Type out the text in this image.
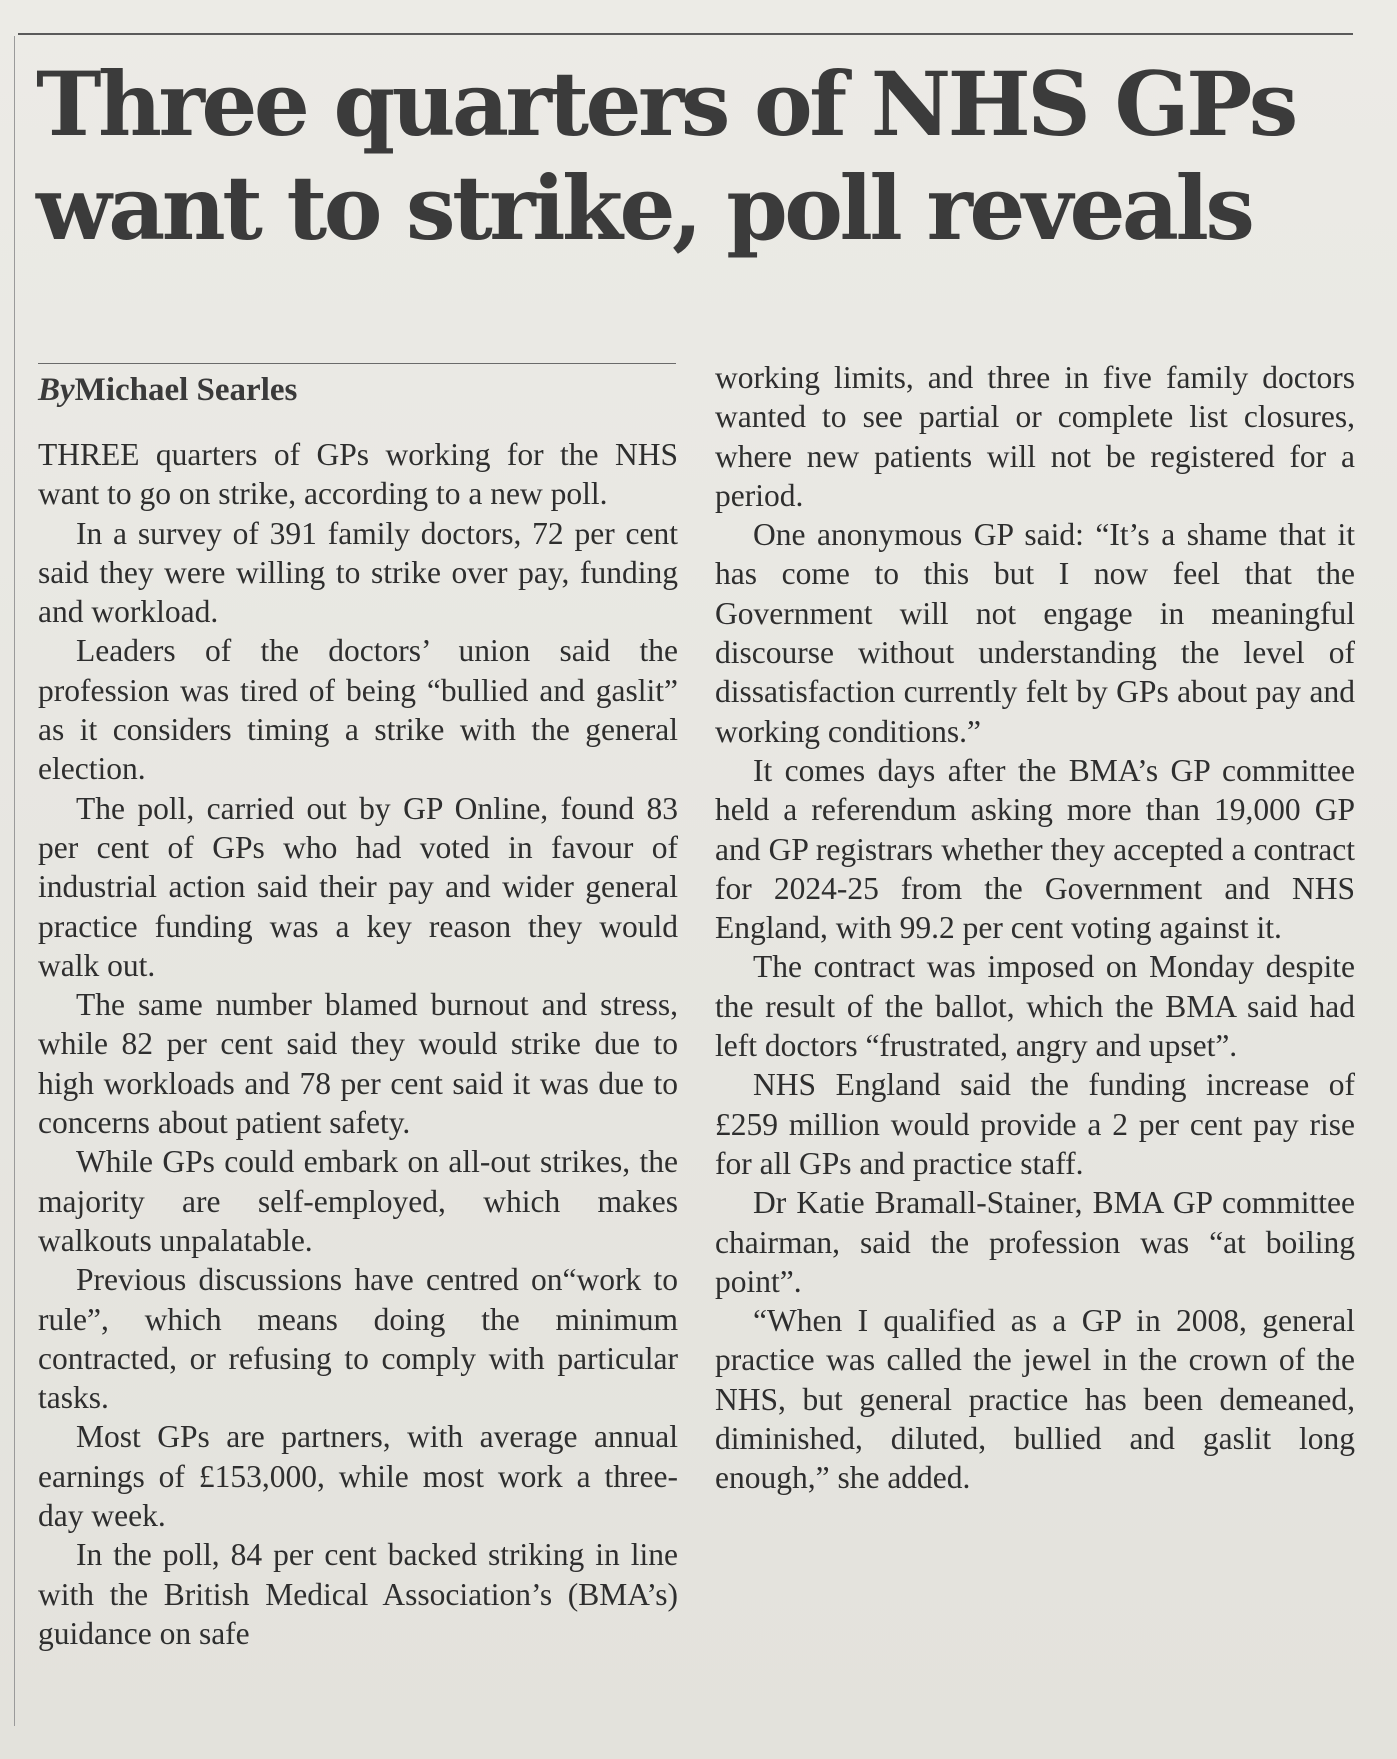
Three quarters of NHS GPs want to strike, poll reveals
ByMichael Searles

THREE quarters of GPs working for the NHS want to go on strike, according to a new poll.

In a survey of 391 family doctors, 72 per cent said they were willing to strike over pay, funding and workload.

Leaders of the doctors’ union said the profession was tired of being “bullied and gaslit” as it considers timing a strike with the general election.

The poll, carried out by GP Online, found 83 per cent of GPs who had voted in favour of industrial action said their pay and wider general practice funding was a key reason they would walk out.

The same number blamed burnout and stress, while 82 per cent said they would strike due to high workloads and 78 per cent said it was due to concerns about patient safety.

While GPs could embark on all-out strikes, the majority are self-employed, which makes walkouts unpalatable.

Previous discussions have centred on“work to rule”, which means doing the minimum contracted, or refusing to comply with particular tasks.

Most GPs are partners, with average annual earnings of £153,000, while most work a three-day week.

In the poll, 84 per cent backed striking in line with the British Medical Association’s (BMA’s) guidance on safe

working limits, and three in five family doctors wanted to see partial or complete list closures, where new patients will not be registered for a period.

One anonymous GP said: “It’s a shame that it has come to this but I now feel that the Government will not engage in meaningful discourse without understanding the level of dissatisfaction currently felt by GPs about pay and working conditions.”

It comes days after the BMA’s GP committee held a referendum asking more than 19,000 GP and GP registrars whether they accepted a contract for 2024-25 from the Government and NHS England, with 99.2 per cent voting against it.

The contract was imposed on Monday despite the result of the ballot, which the BMA said had left doctors “frustrated, angry and upset”.

NHS England said the funding increase of £259 million would provide a 2 per cent pay rise for all GPs and practice staff.

Dr Katie Bramall-Stainer, BMA GP committee chairman, said the profession was “at boiling point”.

“When I qualified as a GP in 2008, general practice was called the jewel in the crown of the NHS, but general practice has been demeaned, diminished, diluted, bullied and gaslit long enough,” she added.
